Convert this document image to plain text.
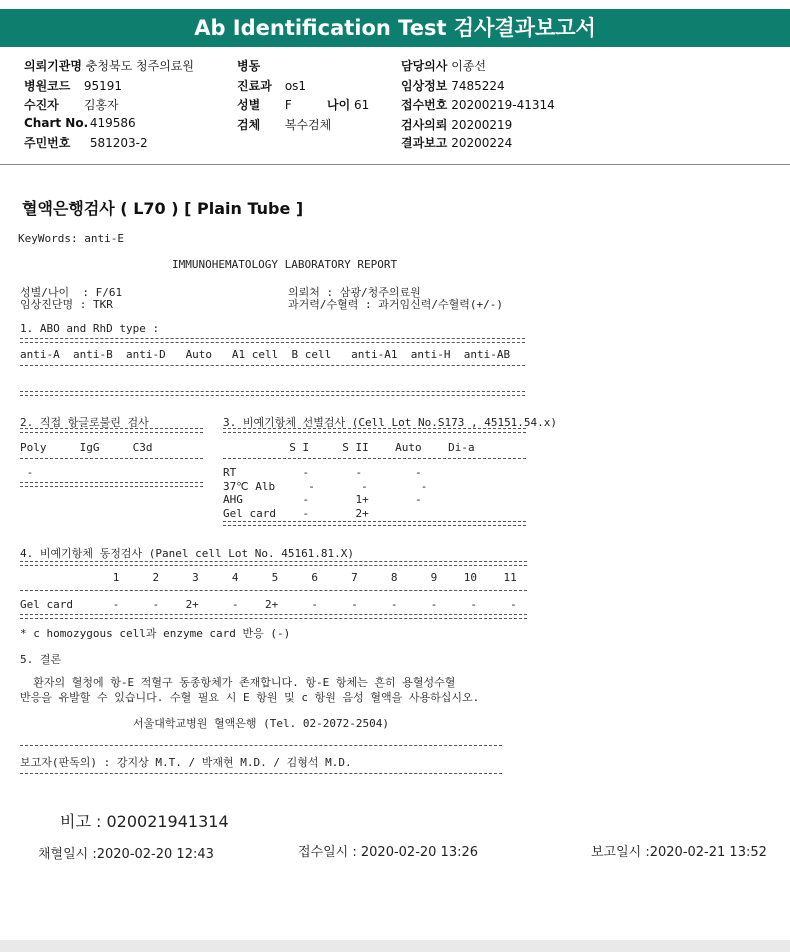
Ab Identification Test 검사결과보고서
의뢰기관명 충청북도 청주의료원	병동	담당의사 이종선
병원코드 95191	진료과 os1	임상정보 7485224
수진자 김홍자	성별 F	나이 61	접수번호 20200219-41314
Chart No. 419586	검체 복수검체	검사의뢰 20200219
주민번호 581203-2	결과보고 20200224
혈액은행검사 ( L70 ) [ Plain Tube ]
KeyWords: anti-E
IMMUNOHEMATOLOGY LABORATORY REPORT
성별/나이  : F/61
임상진단명 : TKR
의뢰처 : 삼광/청주의료원
과거력/수혈력 : 과거임신력/수혈력(+/-)
1. ABO and RhD type :
anti-A  anti-B  anti-D   Auto   A1 cell  B cell   anti-A1  anti-H  anti-AB
2. 직접 항글로불린 검사
Poly     IgG     C3d
-
3. 비예기항체 선별검사 (Cell Lot No.S173 , 45151.54.x)
S I     S II    Auto    Di-a
RT          -       -        -
37℃ Alb     -       -        -
AHG         -       1+       -
Gel card    -       2+
4. 비예기항체 동정검사 (Panel cell Lot No. 45161.81.X)
1     2     3     4     5     6     7     8     9    10    11
Gel card      -     -    2+     -    2+     -     -     -     -     -     -
* c homozygous cell과 enzyme card 반응 (-)
5. 결론
환자의 혈청에 항-E 적혈구 동종항체가 존재합니다. 항-E 항체는 흔히 용혈성수혈
반응을 유발할 수 있습니다. 수혈 필요 시 E 항원 및 c 항원 음성 혈액을 사용하십시오.
서울대학교병원 혈액은행 (Tel. 02-2072-2504)
보고자(판독의) : 강지상 M.T. / 박재현 M.D. / 김형석 M.D.
비고 : 020021941314
채혈일시 :2020-02-20 12:43	접수일시 : 2020-02-20 13:26	보고일시 :2020-02-21 13:52
